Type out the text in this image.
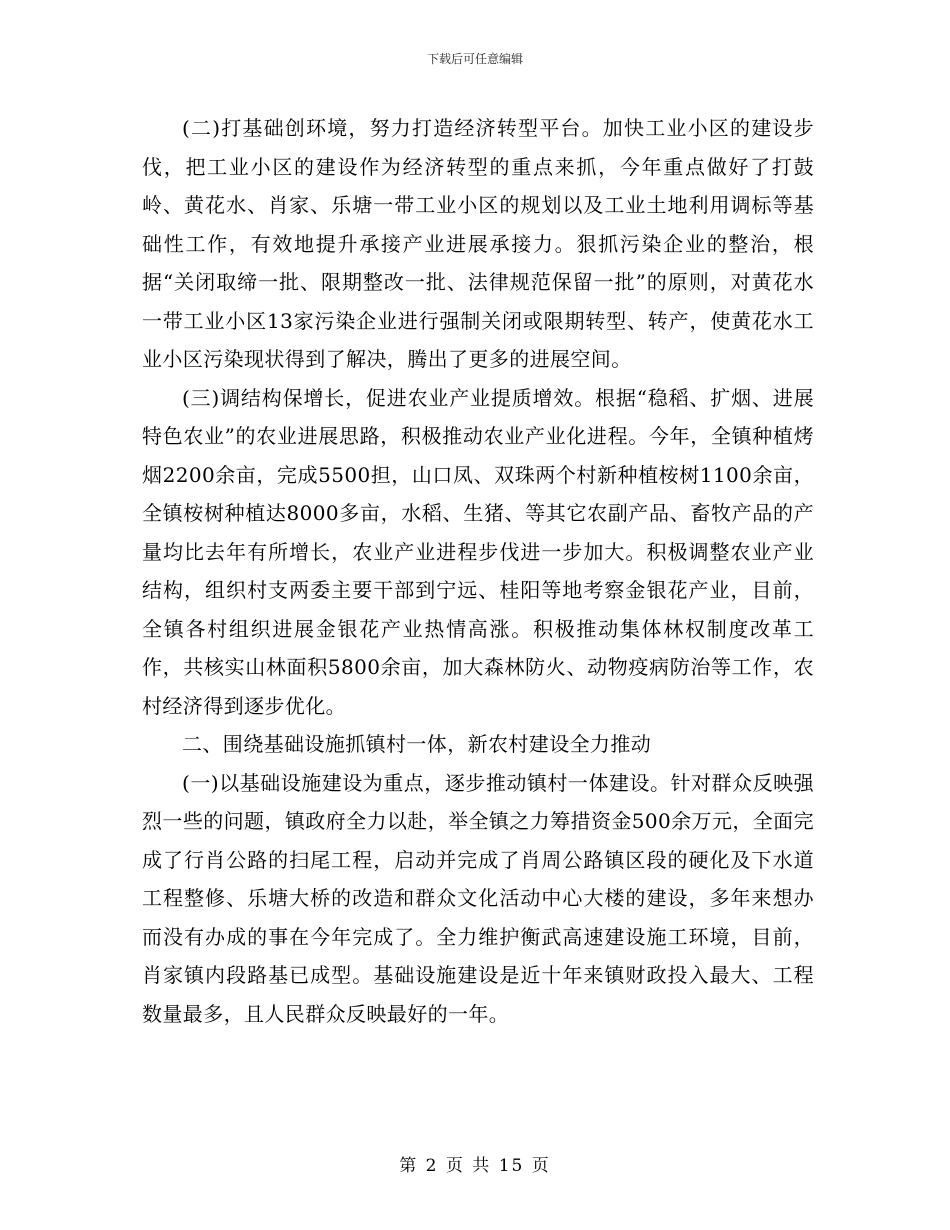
下载后可任意编辑

(二)打基础创环境，努力打造经济转型平台。加快工业小区的建设步伐，把工业小区的建设作为经济转型的重点来抓，今年重点做好了打鼓岭、黄花水、肖家、乐塘一带工业小区的规划以及工业土地利用调标等基础性工作，有效地提升承接产业进展承接力。狠抓污染企业的整治，根据“关闭取缔一批、限期整改一批、法律规范保留一批”的原则，对黄花水一带工业小区13家污染企业进行强制关闭或限期转型、转产，使黄花水工业小区污染现状得到了解决，腾出了更多的进展空间。

(三)调结构保增长，促进农业产业提质增效。根据“稳稻、扩烟、进展特色农业”的农业进展思路，积极推动农业产业化进程。今年，全镇种植烤烟2200余亩，完成5500担，山口凤、双珠两个村新种植桉树1100余亩，全镇桉树种植达8000多亩，水稻、生猪、等其它农副产品、畜牧产品的产量均比去年有所增长，农业产业进程步伐进一步加大。积极调整农业产业结构，组织村支两委主要干部到宁远、桂阳等地考察金银花产业，目前，全镇各村组织进展金银花产业热情高涨。积极推动集体林权制度改革工作，共核实山林面积5800余亩，加大森林防火、动物疫病防治等工作，农村经济得到逐步优化。

二、围绕基础设施抓镇村一体，新农村建设全力推动

(一)以基础设施建设为重点，逐步推动镇村一体建设。针对群众反映强烈一些的问题，镇政府全力以赴，举全镇之力筹措资金500余万元，全面完成了行肖公路的扫尾工程，启动并完成了肖周公路镇区段的硬化及下水道工程整修、乐塘大桥的改造和群众文化活动中心大楼的建设，多年来想办而没有办成的事在今年完成了。全力维护衡武高速建设施工环境，目前，肖家镇内段路基已成型。基础设施建设是近十年来镇财政投入最大、工程数量最多，且人民群众反映最好的一年。

第 2 页 共 15 页
